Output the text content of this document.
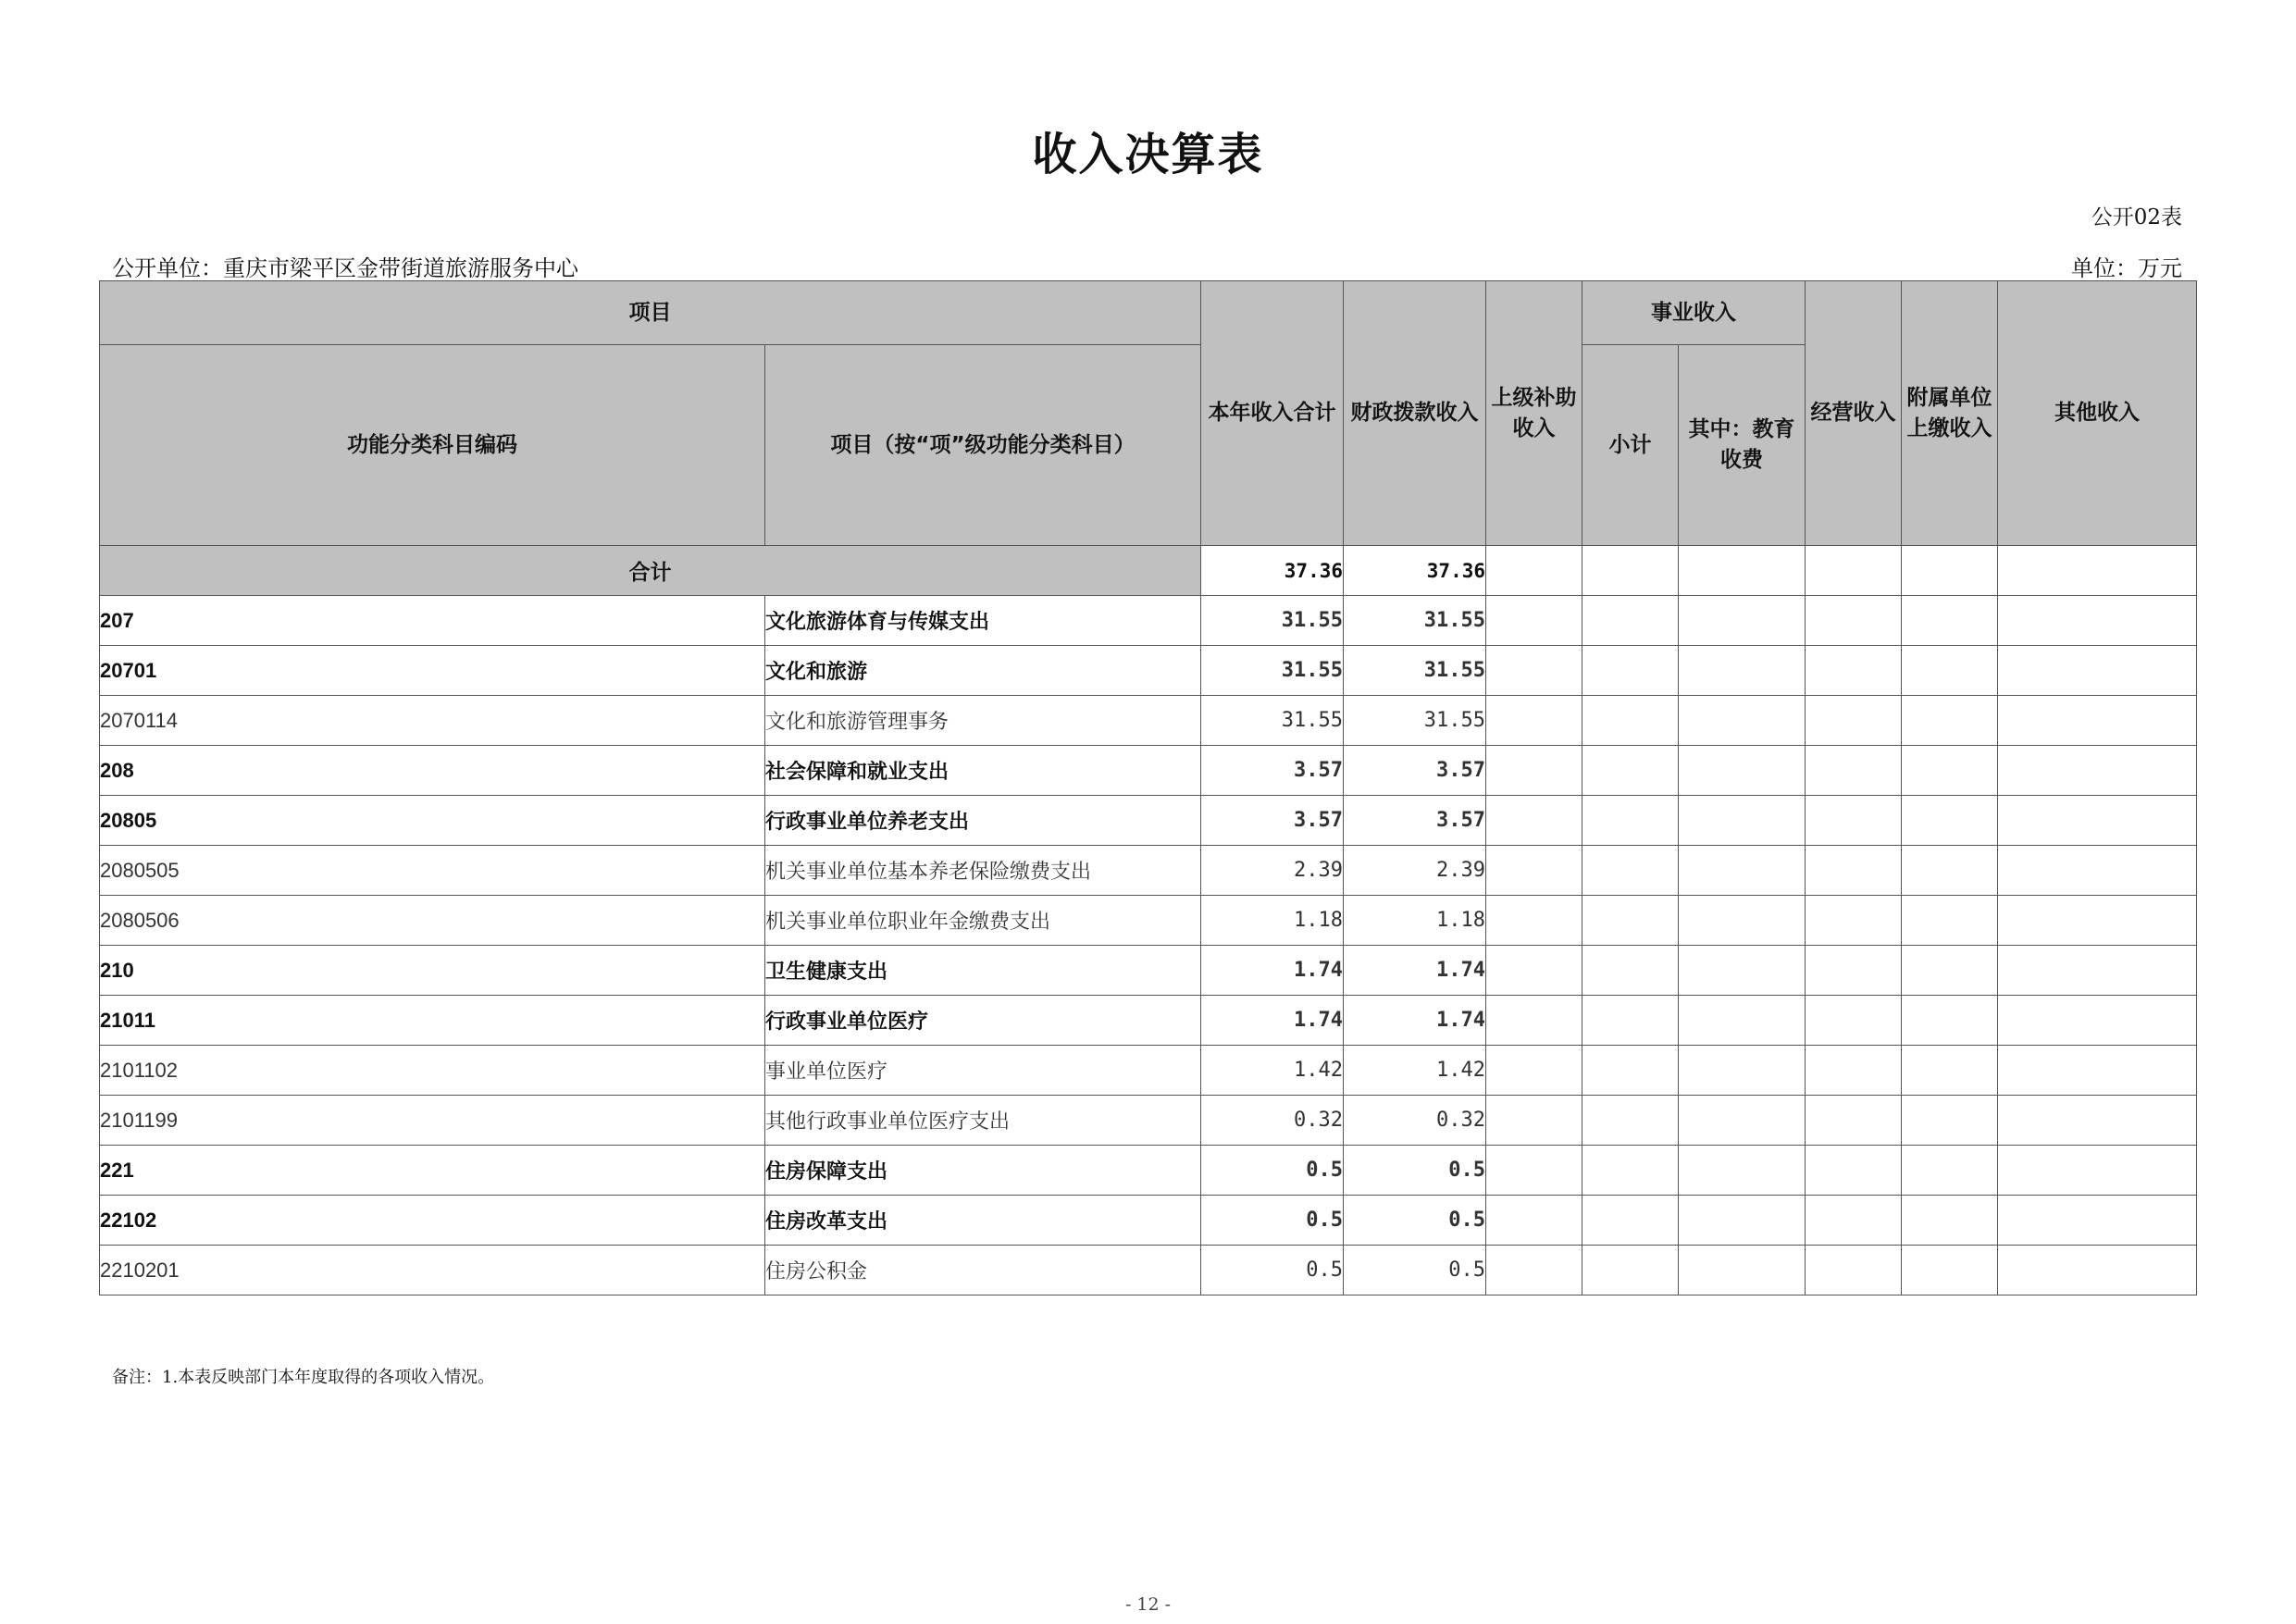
收入决算表
公开02表
公开单位：重庆市梁平区金带街道旅游服务中心	单位：万元
项目		本年收入合计	财政拨款收入	上级补助收入	事业收入		经营收入	附属单位上缴收入	其他收入
功能分类科目编码	项目（按“项”级功能分类科目）				小计	其中：教育收费			
合计		37.36	37.36						
207	文化旅游体育与传媒支出	31.55	31.55						
20701	文化和旅游	31.55	31.55						
2070114	文化和旅游管理事务	31.55	31.55						
208	社会保障和就业支出	3.57	3.57						
20805	行政事业单位养老支出	3.57	3.57						
2080505	机关事业单位基本养老保险缴费支出	2.39	2.39						
2080506	机关事业单位职业年金缴费支出	1.18	1.18						
210	卫生健康支出	1.74	1.74						
21011	行政事业单位医疗	1.74	1.74						
2101102	事业单位医疗	1.42	1.42						
2101199	其他行政事业单位医疗支出	0.32	0.32						
221	住房保障支出	0.5	0.5						
22102	住房改革支出	0.5	0.5						
2210201	住房公积金	0.5	0.5						
备注：1.本表反映部门本年度取得的各项收入情况。
- 12 -
